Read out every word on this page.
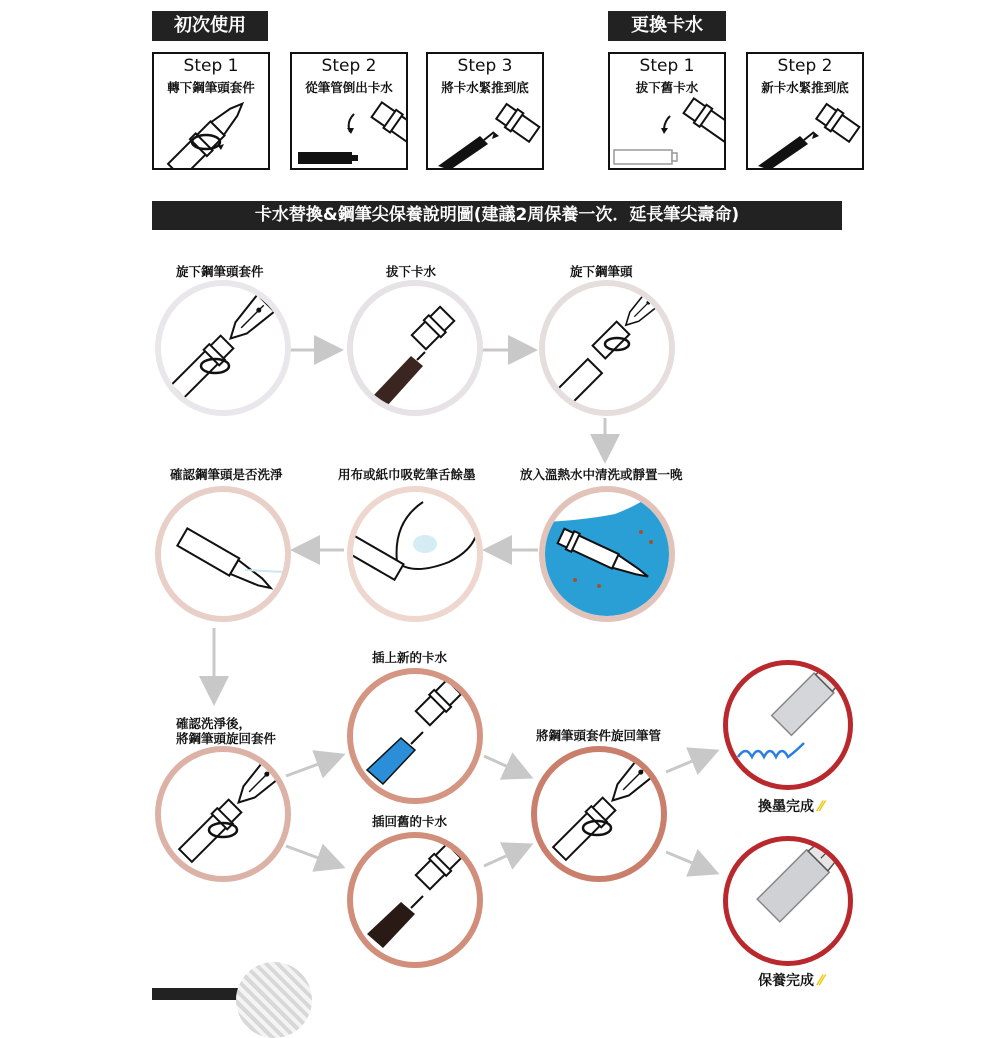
初次使用	更換卡水
Step 1
轉下鋼筆頭套件
Step 2
從筆管倒出卡水
Step 3
將卡水緊推到底
Step 1
拔下舊卡水
Step 2
新卡水緊推到底
卡水替換&鋼筆尖保養說明圖(建議2周保養一次．延長筆尖壽命)
旋下鋼筆頭套件	拔下卡水	旋下鋼筆頭
確認鋼筆頭是否洗淨	用布或紙巾吸乾筆舌餘墨	放入溫熱水中清洗或靜置一晚
確認洗淨後，
將鋼筆頭旋回套件
插上新的卡水
插回舊的卡水
將鋼筆頭套件旋回筆管
換墨完成 ⁄⁄
保養完成 ⁄⁄
